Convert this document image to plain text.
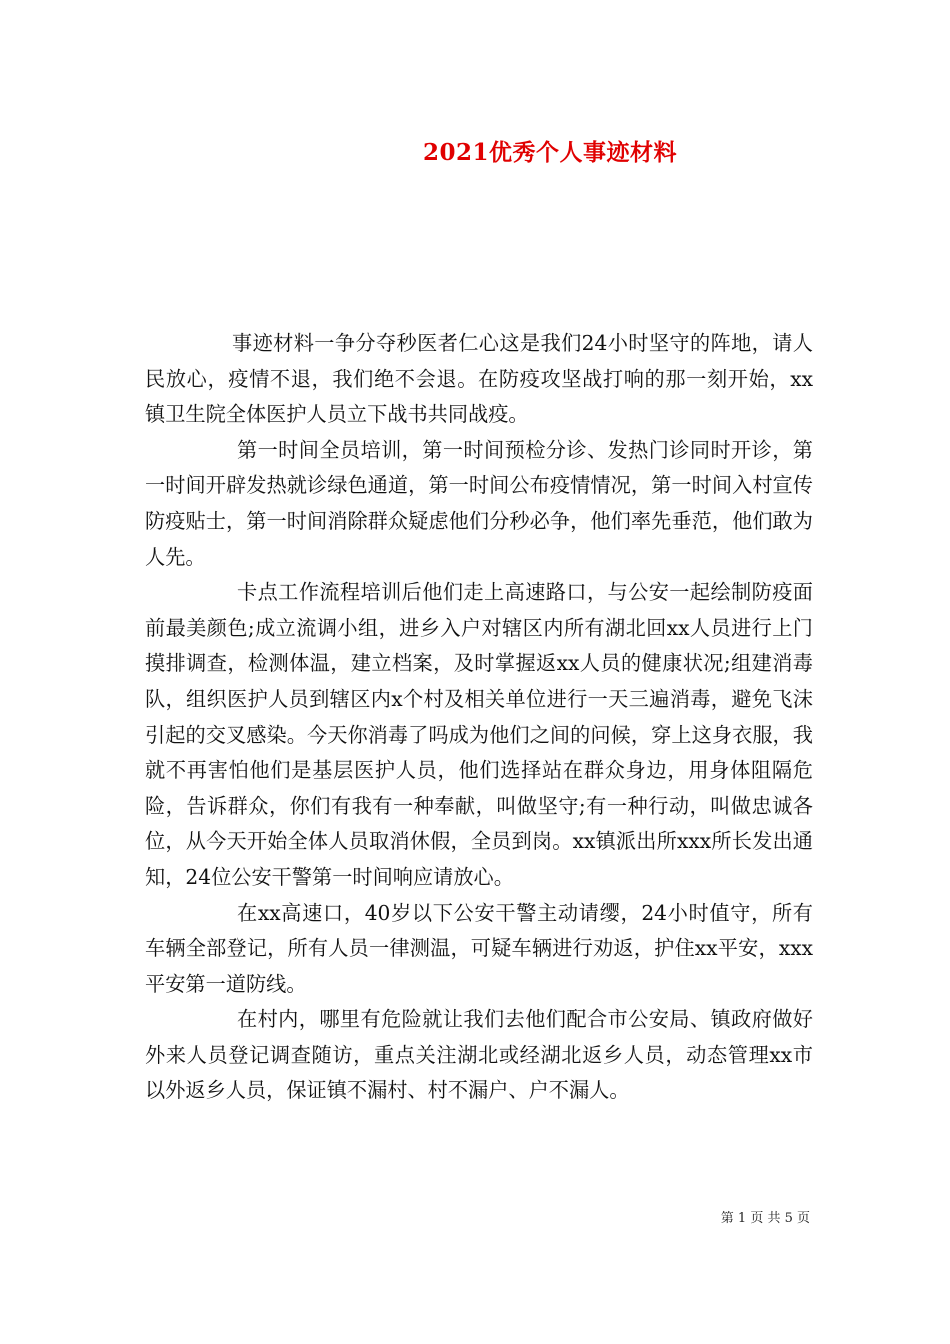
2021优秀个人事迹材料

事迹材料一争分夺秒医者仁心这是我们24小时坚守的阵地，请人民放心，疫情不退，我们绝不会退。在防疫攻坚战打响的那一刻开始，xx镇卫生院全体医护人员立下战书共同战疫。

第一时间全员培训，第一时间预检分诊、发热门诊同时开诊，第一时间开辟发热就诊绿色通道，第一时间公布疫情情况，第一时间入村宣传防疫贴士，第一时间消除群众疑虑他们分秒必争，他们率先垂范，他们敢为人先。

卡点工作流程培训后他们走上高速路口，与公安一起绘制防疫面前最美颜色;成立流调小组，进乡入户对辖区内所有湖北回xx人员进行上门摸排调查，检测体温，建立档案，及时掌握返xx人员的健康状况;组建消毒队，组织医护人员到辖区内x个村及相关单位进行一天三遍消毒，避免飞沫引起的交叉感染。今天你消毒了吗成为他们之间的问候，穿上这身衣服，我就不再害怕他们是基层医护人员，他们选择站在群众身边，用身体阻隔危险，告诉群众，你们有我有一种奉献，叫做坚守;有一种行动，叫做忠诚各位，从今天开始全体人员取消休假，全员到岗。xx镇派出所xxx所长发出通知，24位公安干警第一时间响应请放心。

在xx高速口，40岁以下公安干警主动请缨，24小时值守，所有车辆全部登记，所有人员一律测温，可疑车辆进行劝返，护住xx平安，xxx平安第一道防线。

在村内，哪里有危险就让我们去他们配合市公安局、镇政府做好外来人员登记调查随访，重点关注湖北或经湖北返乡人员，动态管理xx市以外返乡人员，保证镇不漏村、村不漏户、户不漏人。

第 1 页 共 5 页
